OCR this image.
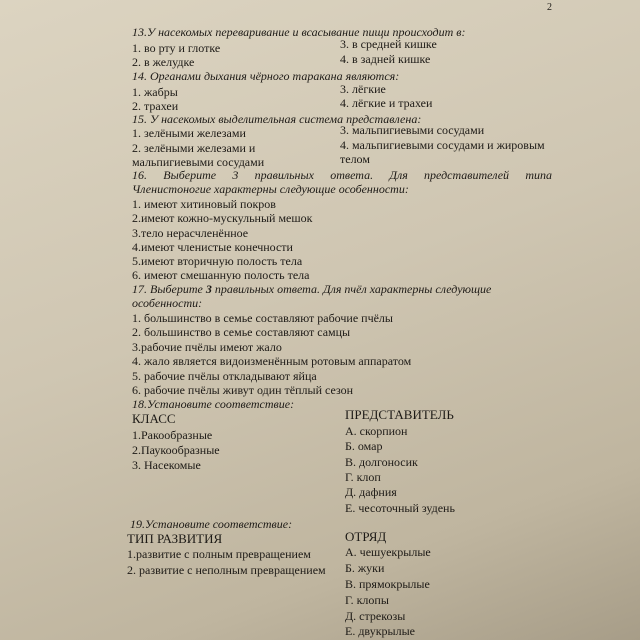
2
13.У насекомых переваривание и всасывание пищи происходит в:
1. во рту и глотке	3. в средней кишке
2. в желудке	4. в задней кишке
14. Органами дыхания чёрного таракана являются:
1. жабры	3. лёгкие
2. трахеи	4. лёгкие и трахеи
15. У насекомых выделительная система представлена:
1. зелёными железами	3. мальпигиевыми сосудами
2. зелёными железами и	4. мальпигиевыми сосудами и жировым
мальпигиевыми сосудами	телом
16. Выберите 3 правильных ответа. Для представителей типа
Членистоногие характерны следующие особенности:
1. имеют хитиновый покров
2.имеют кожно-мускульный мешок
3.тело нерасчленённое
4.имеют членистые конечности
5.имеют вторичную полость тела
6. имеют смешанную полость тела
17. Выберите 3 правильных ответа. Для пчёл характерны следующие
особенности:
1. большинство в семье составляют рабочие пчёлы
2. большинство в семье составляют самцы
3.рабочие пчёлы имеют жало
4. жало является видоизменённым ротовым аппаратом
5. рабочие пчёлы откладывают яйца
6. рабочие пчёлы живут один тёплый сезон
18.Установите соответствие:
КЛАСС	ПРЕДСТАВИТЕЛЬ
1.Ракообразные
2.Паукообразные
3. Насекомые
А. скорпион
Б. омар
В. долгоносик
Г. клоп
Д. дафния
Е. чесоточный зудень
19.Установите соответствие:
ТИП РАЗВИТИЯ	ОТРЯД
1.развитие с полным превращением
2. развитие с неполным превращением
А. чешуекрылые
Б. жуки
В. прямокрылые
Г. клопы
Д. стрекозы
Е. двукрылые
